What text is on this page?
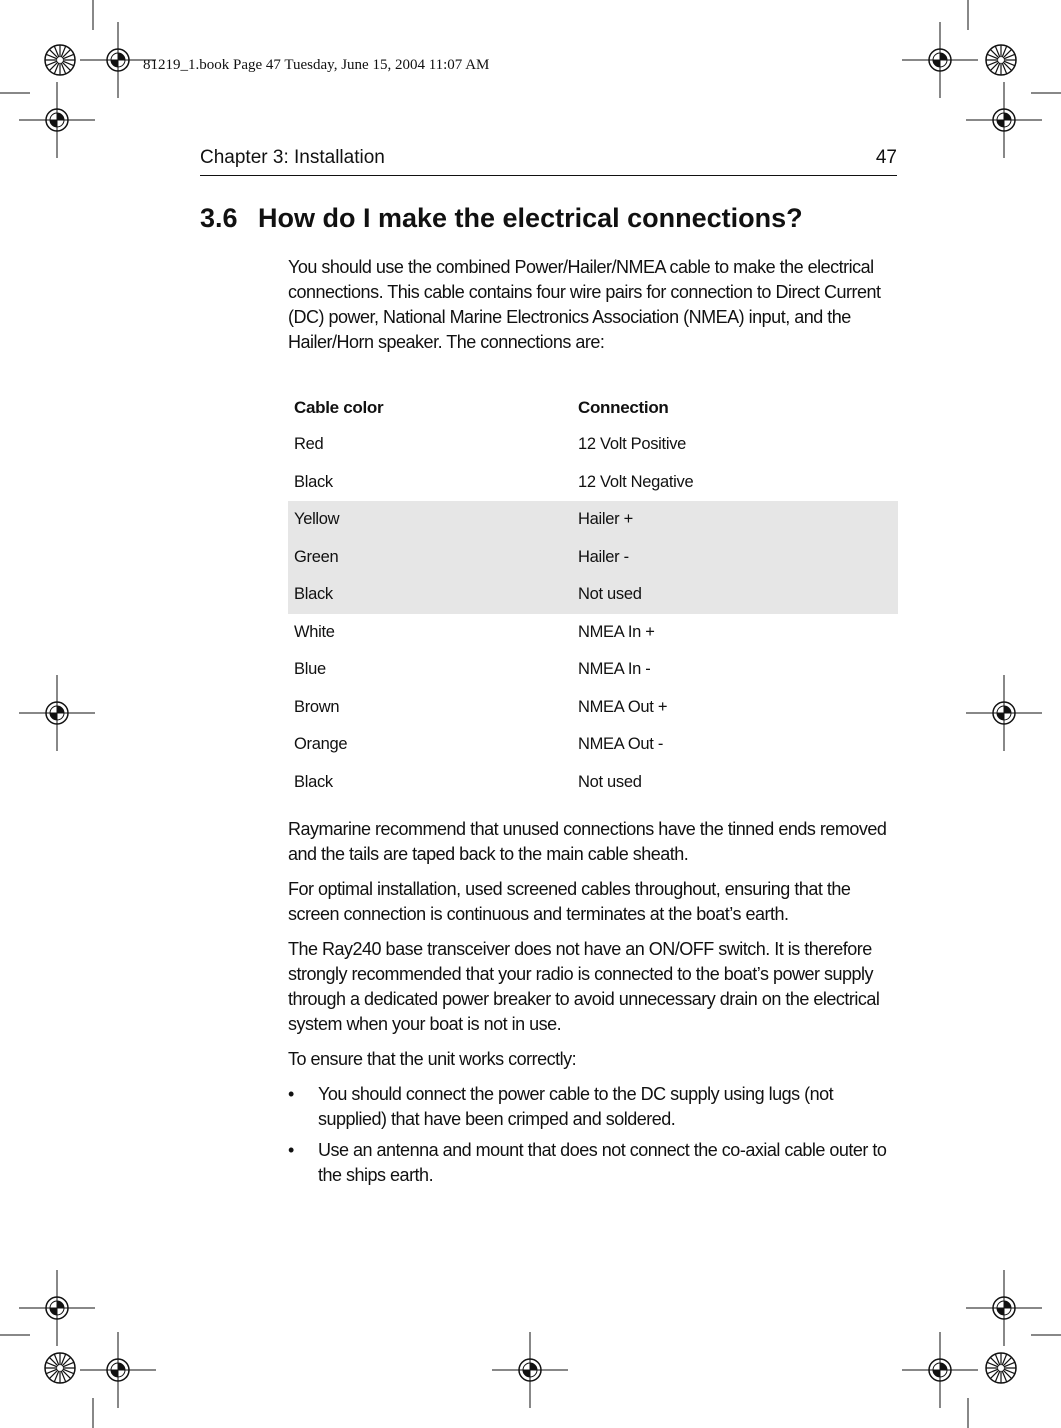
81219_1.book Page 47 Tuesday, June 15, 2004 11:07 AM
Chapter 3: Installation	47
3.6 How do I make the electrical connections?

You should use the combined Power/Hailer/NMEA cable to make the electrical connections. This cable contains four wire pairs for connection to Direct Current (DC) power, National Marine Electronics Association (NMEA) input, and the Hailer/Horn speaker. The connections are:

Cable color	Connection
Red	12 Volt Positive
Black	12 Volt Negative
Yellow	Hailer +
Green	Hailer -
Black	Not used
White	NMEA In +
Blue	NMEA In -
Brown	NMEA Out +
Orange	NMEA Out -
Black	Not used

Raymarine recommend that unused connections have the tinned ends removed and the tails are taped back to the main cable sheath.

For optimal installation, used screened cables throughout, ensuring that the screen connection is continuous and terminates at the boat’s earth.

The Ray240 base transceiver does not have an ON/OFF switch. It is therefore strongly recommended that your radio is connected to the boat’s power supply through a dedicated power breaker to avoid unnecessary drain on the electrical system when your boat is not in use.

To ensure that the unit works correctly:

• You should connect the power cable to the DC supply using lugs (not supplied) that have been crimped and soldered.
• Use an antenna and mount that does not connect the co-axial cable outer to the ships earth.
